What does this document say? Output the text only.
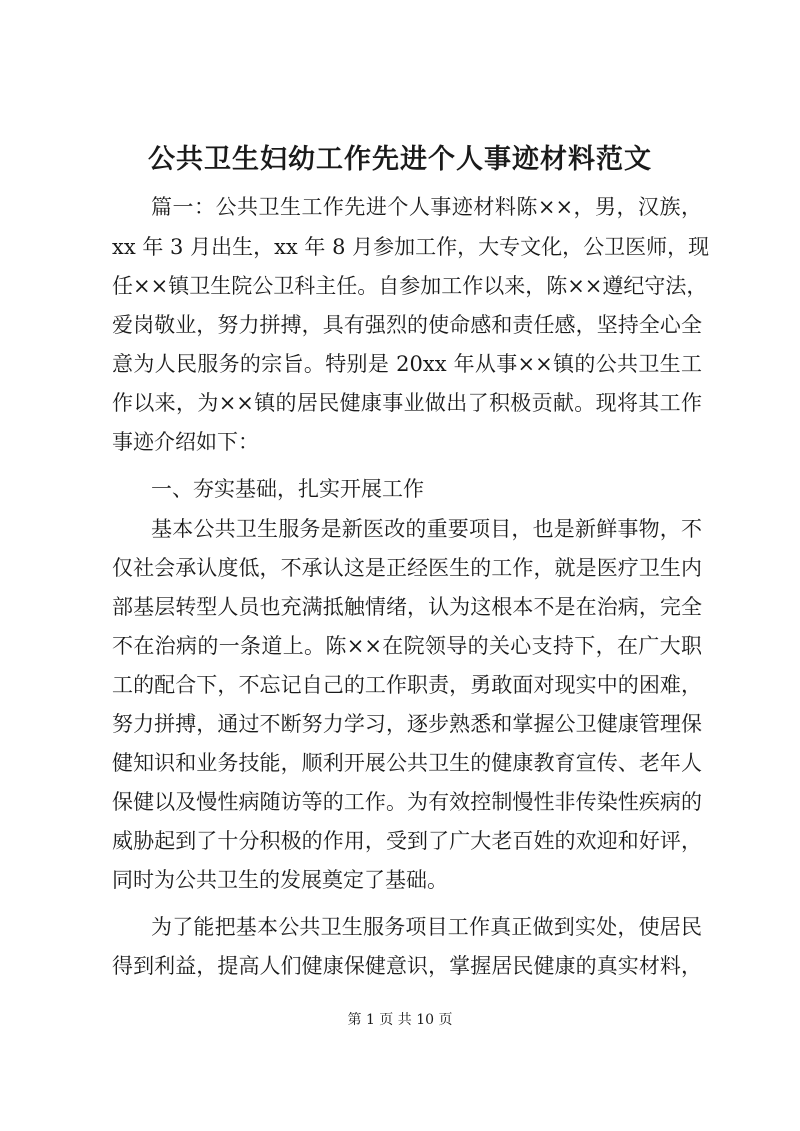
公共卫生妇幼工作先进个人事迹材料范文
篇一：公共卫生工作先进个人事迹材料陈××，男，汉族，
xx 年 3 月出生，xx 年 8 月参加工作，大专文化，公卫医师，现
任××镇卫生院公卫科主任。自参加工作以来，陈××遵纪守法，
爱岗敬业，努力拼搏，具有强烈的使命感和责任感，坚持全心全
意为人民服务的宗旨。特别是 20xx 年从事××镇的公共卫生工
作以来，为××镇的居民健康事业做出了积极贡献。现将其工作
事迹介绍如下：
一、夯实基础，扎实开展工作
基本公共卫生服务是新医改的重要项目，也是新鲜事物，不
仅社会承认度低，不承认这是正经医生的工作，就是医疗卫生内
部基层转型人员也充满抵触情绪，认为这根本不是在治病，完全
不在治病的一条道上。陈××在院领导的关心支持下，在广大职
工的配合下，不忘记自己的工作职责，勇敢面对现实中的困难，
努力拼搏，通过不断努力学习，逐步熟悉和掌握公卫健康管理保
健知识和业务技能，顺利开展公共卫生的健康教育宣传、老年人
保健以及慢性病随访等的工作。为有效控制慢性非传染性疾病的
威胁起到了十分积极的作用，受到了广大老百姓的欢迎和好评，
同时为公共卫生的发展奠定了基础。
为了能把基本公共卫生服务项目工作真正做到实处，使居民
得到利益，提高人们健康保健意识，掌握居民健康的真实材料，
第 1 页 共 10 页
